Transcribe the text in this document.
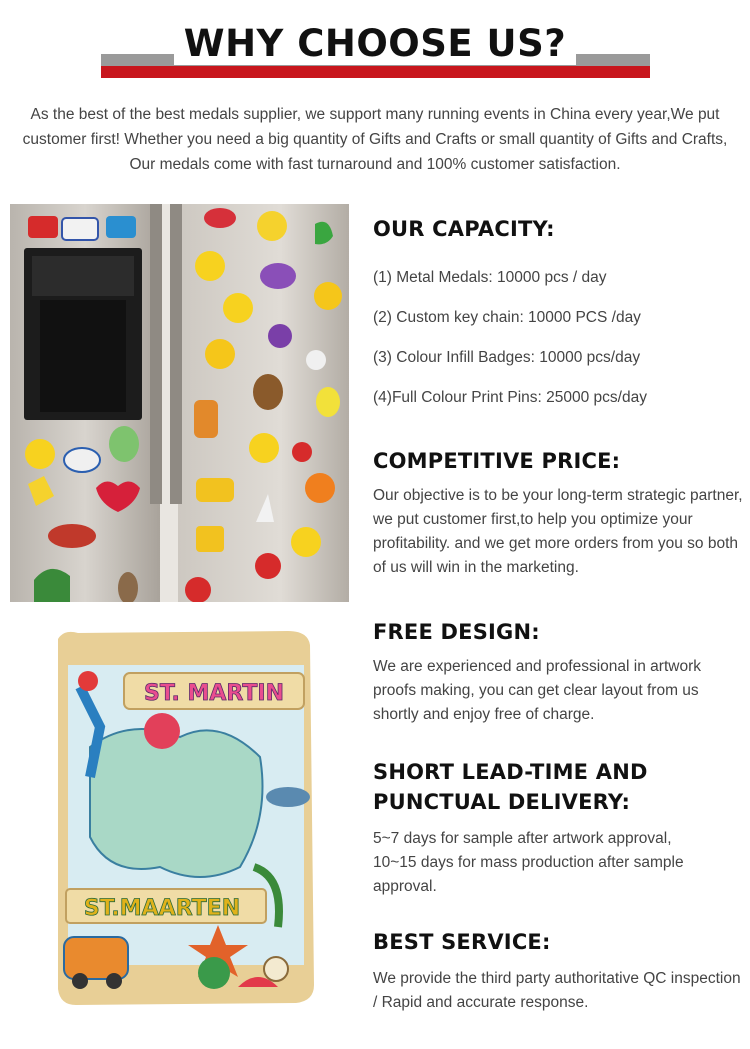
WHY CHOOSE US?
As the best of the best medals supplier, we support many running events in China every year,We put customer first! Whether you need a big quantity of Gifts and Crafts or small quantity of Gifts and Crafts, Our medals come with fast turnaround and 100% customer satisfaction.
ST. MARTIN
ST.MAARTEN
OUR CAPACITY:
(1) Metal Medals: 10000 pcs / day
(2) Custom key chain: 10000 PCS /day
(3) Colour Infill Badges: 10000 pcs/day
(4)Full Colour Print Pins: 25000 pcs/day
COMPETITIVE PRICE:

Our objective is to be your long-term strategic partner, we put customer first,to help you optimize your profitability. and we get more orders from you so both of us will win in the marketing.

FREE DESIGN:

We are experienced and professional in artwork proofs making, you can get clear layout from us shortly and enjoy free of charge.

SHORT LEAD-TIME AND
PUNCTUAL DELIVERY:

5~7 days for sample after artwork approval,

10~15 days for mass production after sample approval.

BEST SERVICE:

We provide the third party authoritative QC inspection / Rapid and accurate response.
